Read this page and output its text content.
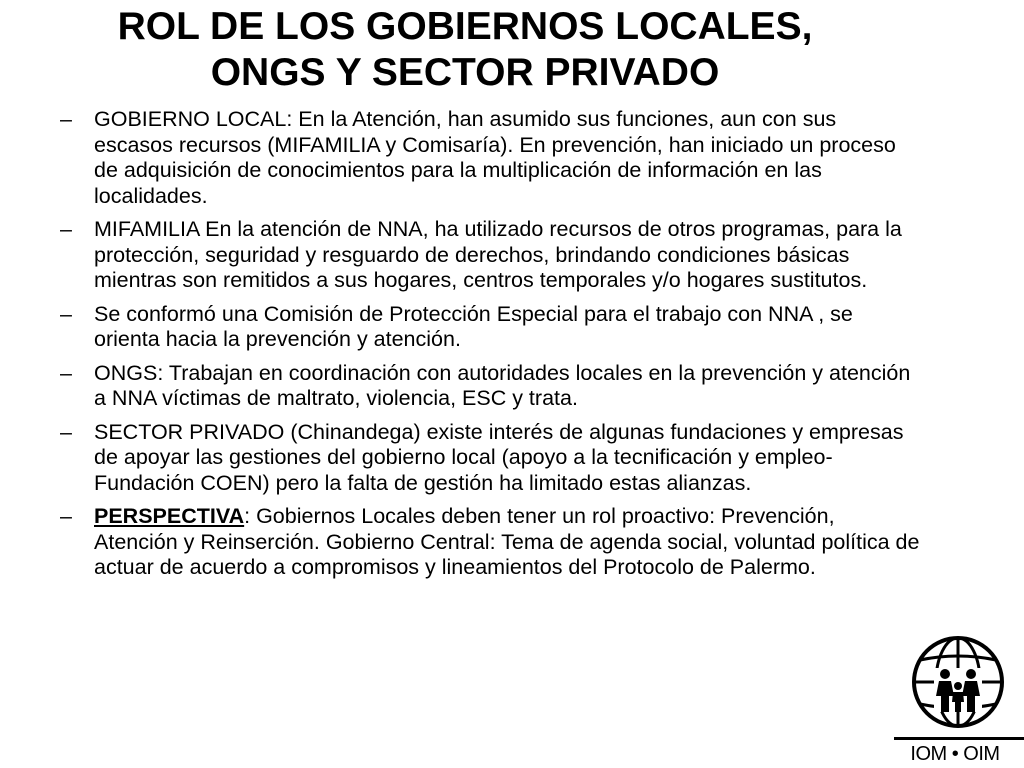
ROL DE LOS GOBIERNOS LOCALES,
ONGS Y SECTOR PRIVADO
– GOBIERNO LOCAL: En la Atención, han asumido sus funciones, aun con sus escasos recursos (MIFAMILIA y Comisaría). En prevención, han iniciado un proceso de adquisición de conocimientos para la multiplicación de información en las localidades.
– MIFAMILIA En la atención de NNA, ha utilizado recursos de otros programas, para la protección, seguridad y resguardo de derechos, brindando condiciones básicas mientras son remitidos a sus hogares, centros temporales y/o hogares sustitutos.
– Se conformó una Comisión de Protección Especial para el trabajo con NNA , se orienta hacia la prevención y atención.
– ONGS: Trabajan en coordinación con autoridades locales en la prevención y atención a NNA víctimas de maltrato, violencia, ESC y trata.
– SECTOR PRIVADO (Chinandega) existe interés de algunas fundaciones y empresas de apoyar las gestiones del gobierno local (apoyo a la tecnificación y empleo- Fundación COEN) pero la falta de gestión ha limitado estas alianzas.
– PERSPECTIVA: Gobiernos Locales deben tener un rol proactivo: Prevención, Atención y Reinserción. Gobierno Central: Tema de agenda social, voluntad política de actuar de acuerdo a compromisos y lineamientos del Protocolo de Palermo.
IOM • OIM
